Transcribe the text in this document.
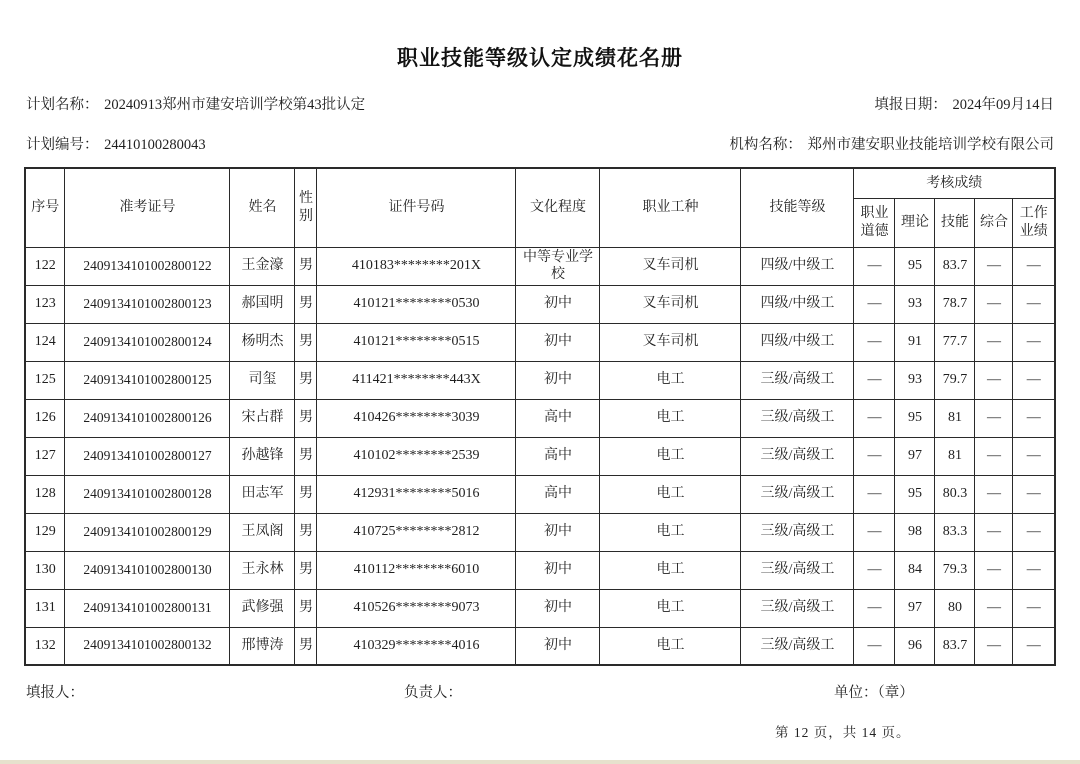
职业技能等级认定成绩花名册
计划名称： 20240913郑州市建安培训学校第43批认定	填报日期： 2024年09月14日
计划编号： 24410100280043	机构名称： 郑州市建安职业技能培训学校有限公司
序号	准考证号	姓名	性别	证件号码	文化程度	职业工种	技能等级	考核成绩				
								职业道德	理论	技能	综合	工作业绩
122	2409134101002800122	王金濠	男	410183********201X	中等专业学校	叉车司机	四级/中级工	—	95	83.7	—	—
123	2409134101002800123	郝国明	男	410121********0530	初中	叉车司机	四级/中级工	—	93	78.7	—	—
124	2409134101002800124	杨明杰	男	410121********0515	初中	叉车司机	四级/中级工	—	91	77.7	—	—
125	2409134101002800125	司玺	男	411421********443X	初中	电工	三级/高级工	—	93	79.7	—	—
126	2409134101002800126	宋占群	男	410426********3039	高中	电工	三级/高级工	—	95	81	—	—
127	2409134101002800127	孙越锋	男	410102********2539	高中	电工	三级/高级工	—	97	81	—	—
128	2409134101002800128	田志军	男	412931********5016	高中	电工	三级/高级工	—	95	80.3	—	—
129	2409134101002800129	王凤阁	男	410725********2812	初中	电工	三级/高级工	—	98	83.3	—	—
130	2409134101002800130	王永林	男	410112********6010	初中	电工	三级/高级工	—	84	79.3	—	—
131	2409134101002800131	武修强	男	410526********9073	初中	电工	三级/高级工	—	97	80	—	—
132	2409134101002800132	邢博涛	男	410329********4016	初中	电工	三级/高级工	—	96	83.7	—	—
填报人：	负责人：	单位：（章）
第 12 页，共 14 页。
